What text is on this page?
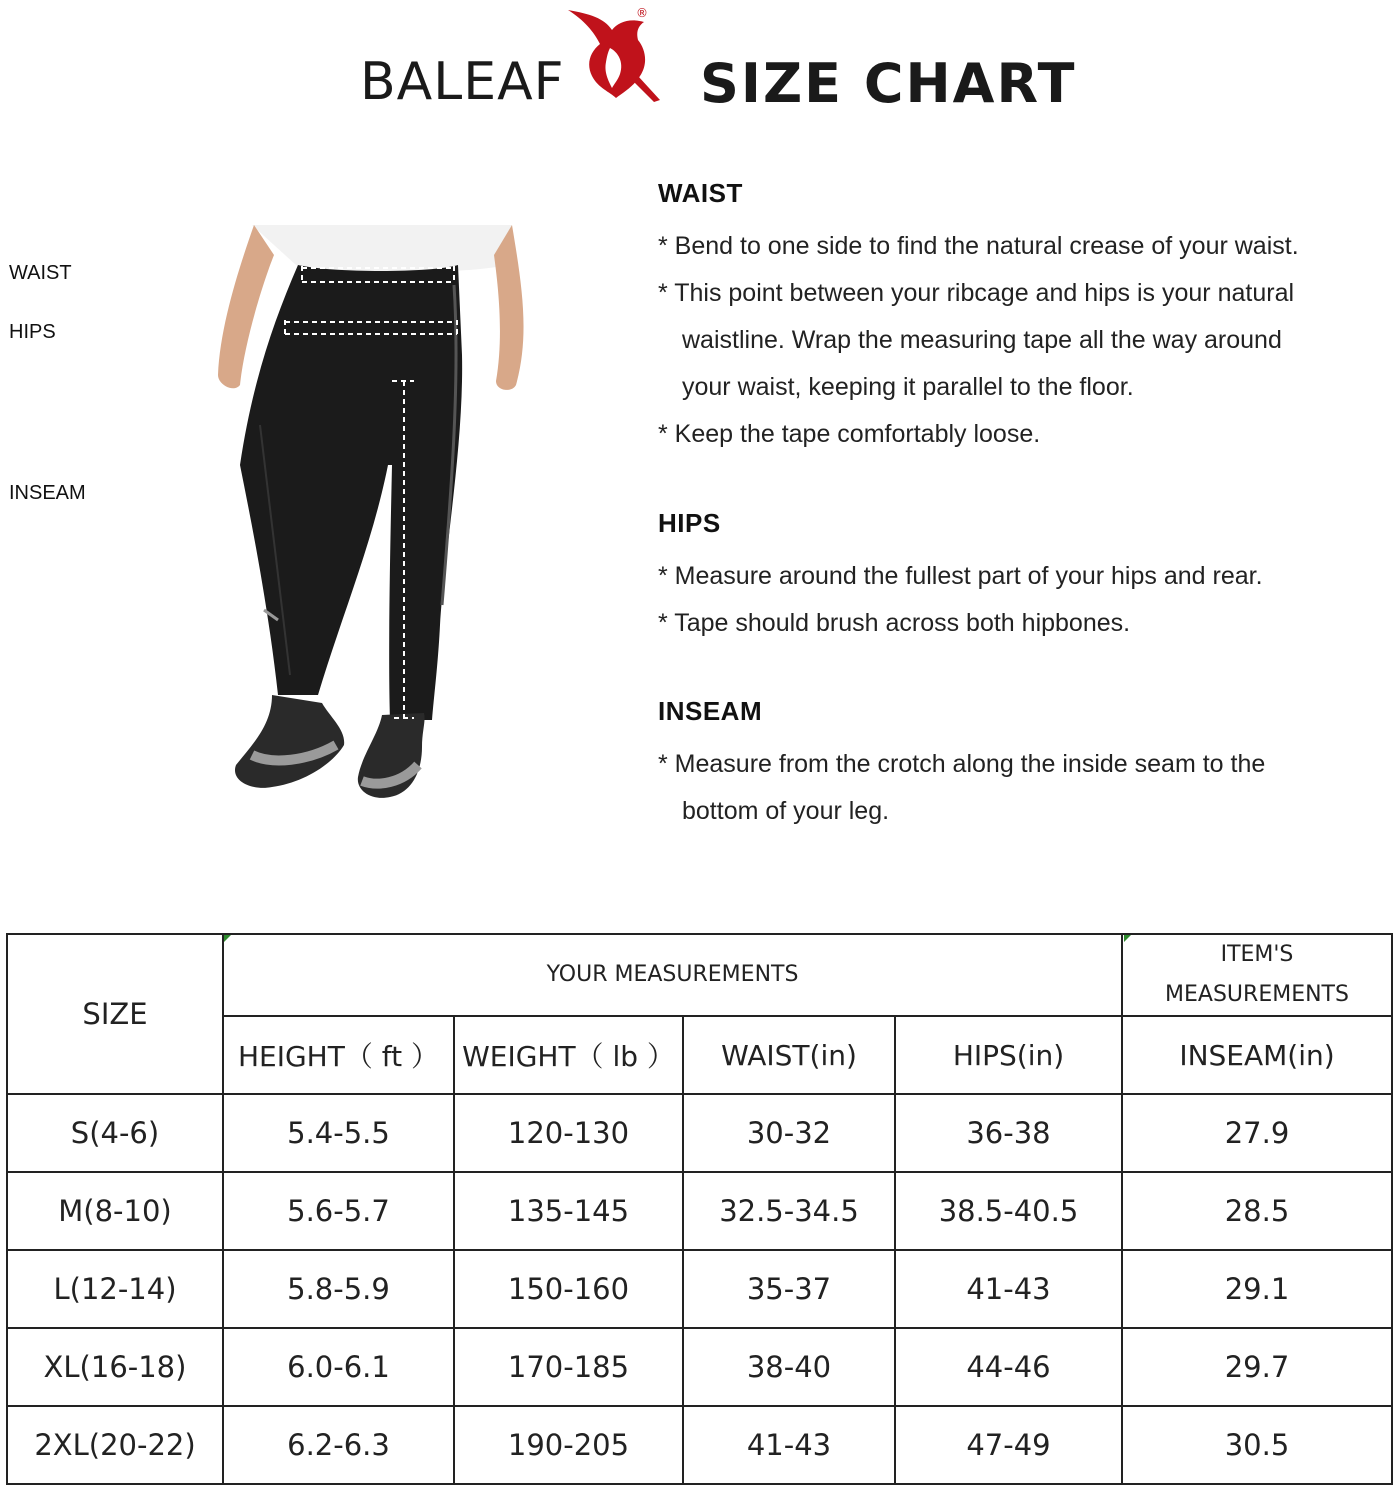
BALEAF
®
SIZE CHART
WAIST
HIPS
INSEAM
WAIST

* Bend to one side to find the natural crease of your waist.

* This point between your ribcage and hips is your natural

waistline. Wrap the measuring tape all the way around

your waist, keeping it parallel to the floor.

* Keep the tape comfortably loose.

HIPS

* Measure around the fullest part of your hips and rear.

* Tape should brush across both hipbones.

INSEAM

* Measure from the crotch along the inside seam to the

bottom of your leg.

SIZE	YOUR MEASUREMENTS				ITEM'S
MEASUREMENTS

	HEIGHT（ ft ）	WEIGHT（ lb ）	WAIST(in)	HIPS(in)	INSEAM(in)
S(4-6)	5.4-5.5	120-130	30-32	36-38	27.9
M(8-10)	5.6-5.7	135-145	32.5-34.5	38.5-40.5	28.5
L(12-14)	5.8-5.9	150-160	35-37	41-43	29.1
XL(16-18)	6.0-6.1	170-185	38-40	44-46	29.7
2XL(20-22)	6.2-6.3	190-205	41-43	47-49	30.5
